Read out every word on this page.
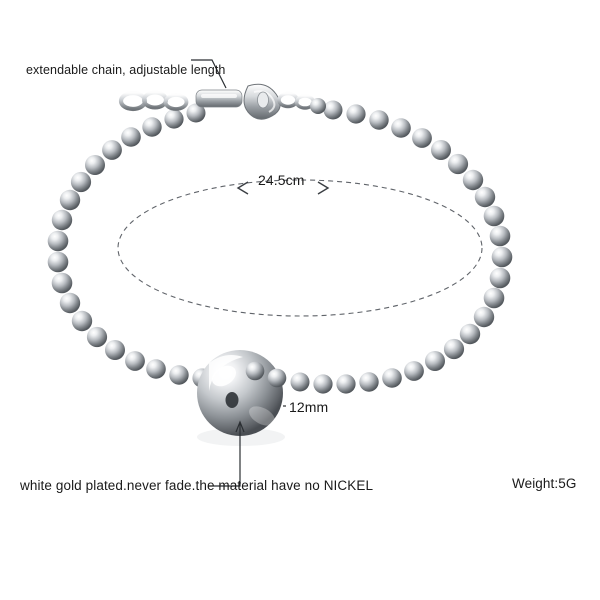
extendable chain, adjustable length
24.5cm
12mm
white gold plated.never fade.the material have no NICKEL	Weight:5G
